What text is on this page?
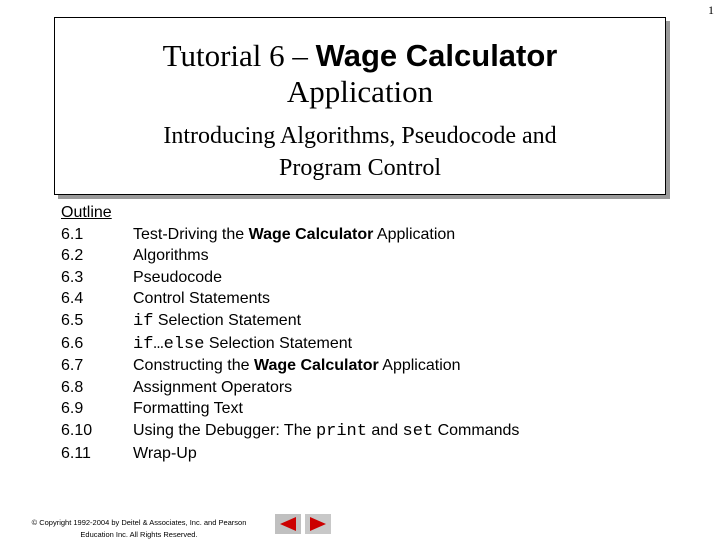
1
Tutorial 6 – Wage Calculator
Application
Introducing Algorithms, Pseudocode and Program Control
Outline
6.1	Test-Driving the Wage Calculator Application
6.2	Algorithms
6.3	Pseudocode
6.4	Control Statements
6.5	if Selection Statement
6.6	if…else Selection Statement
6.7	Constructing the Wage Calculator Application
6.8	Assignment Operators
6.9	Formatting Text
6.10	Using the Debugger: The print and set Commands
6.11	Wrap-Up
© Copyright 1992-2004 by Deitel & Associates, Inc. and Pearson
Education Inc. All Rights Reserved.
